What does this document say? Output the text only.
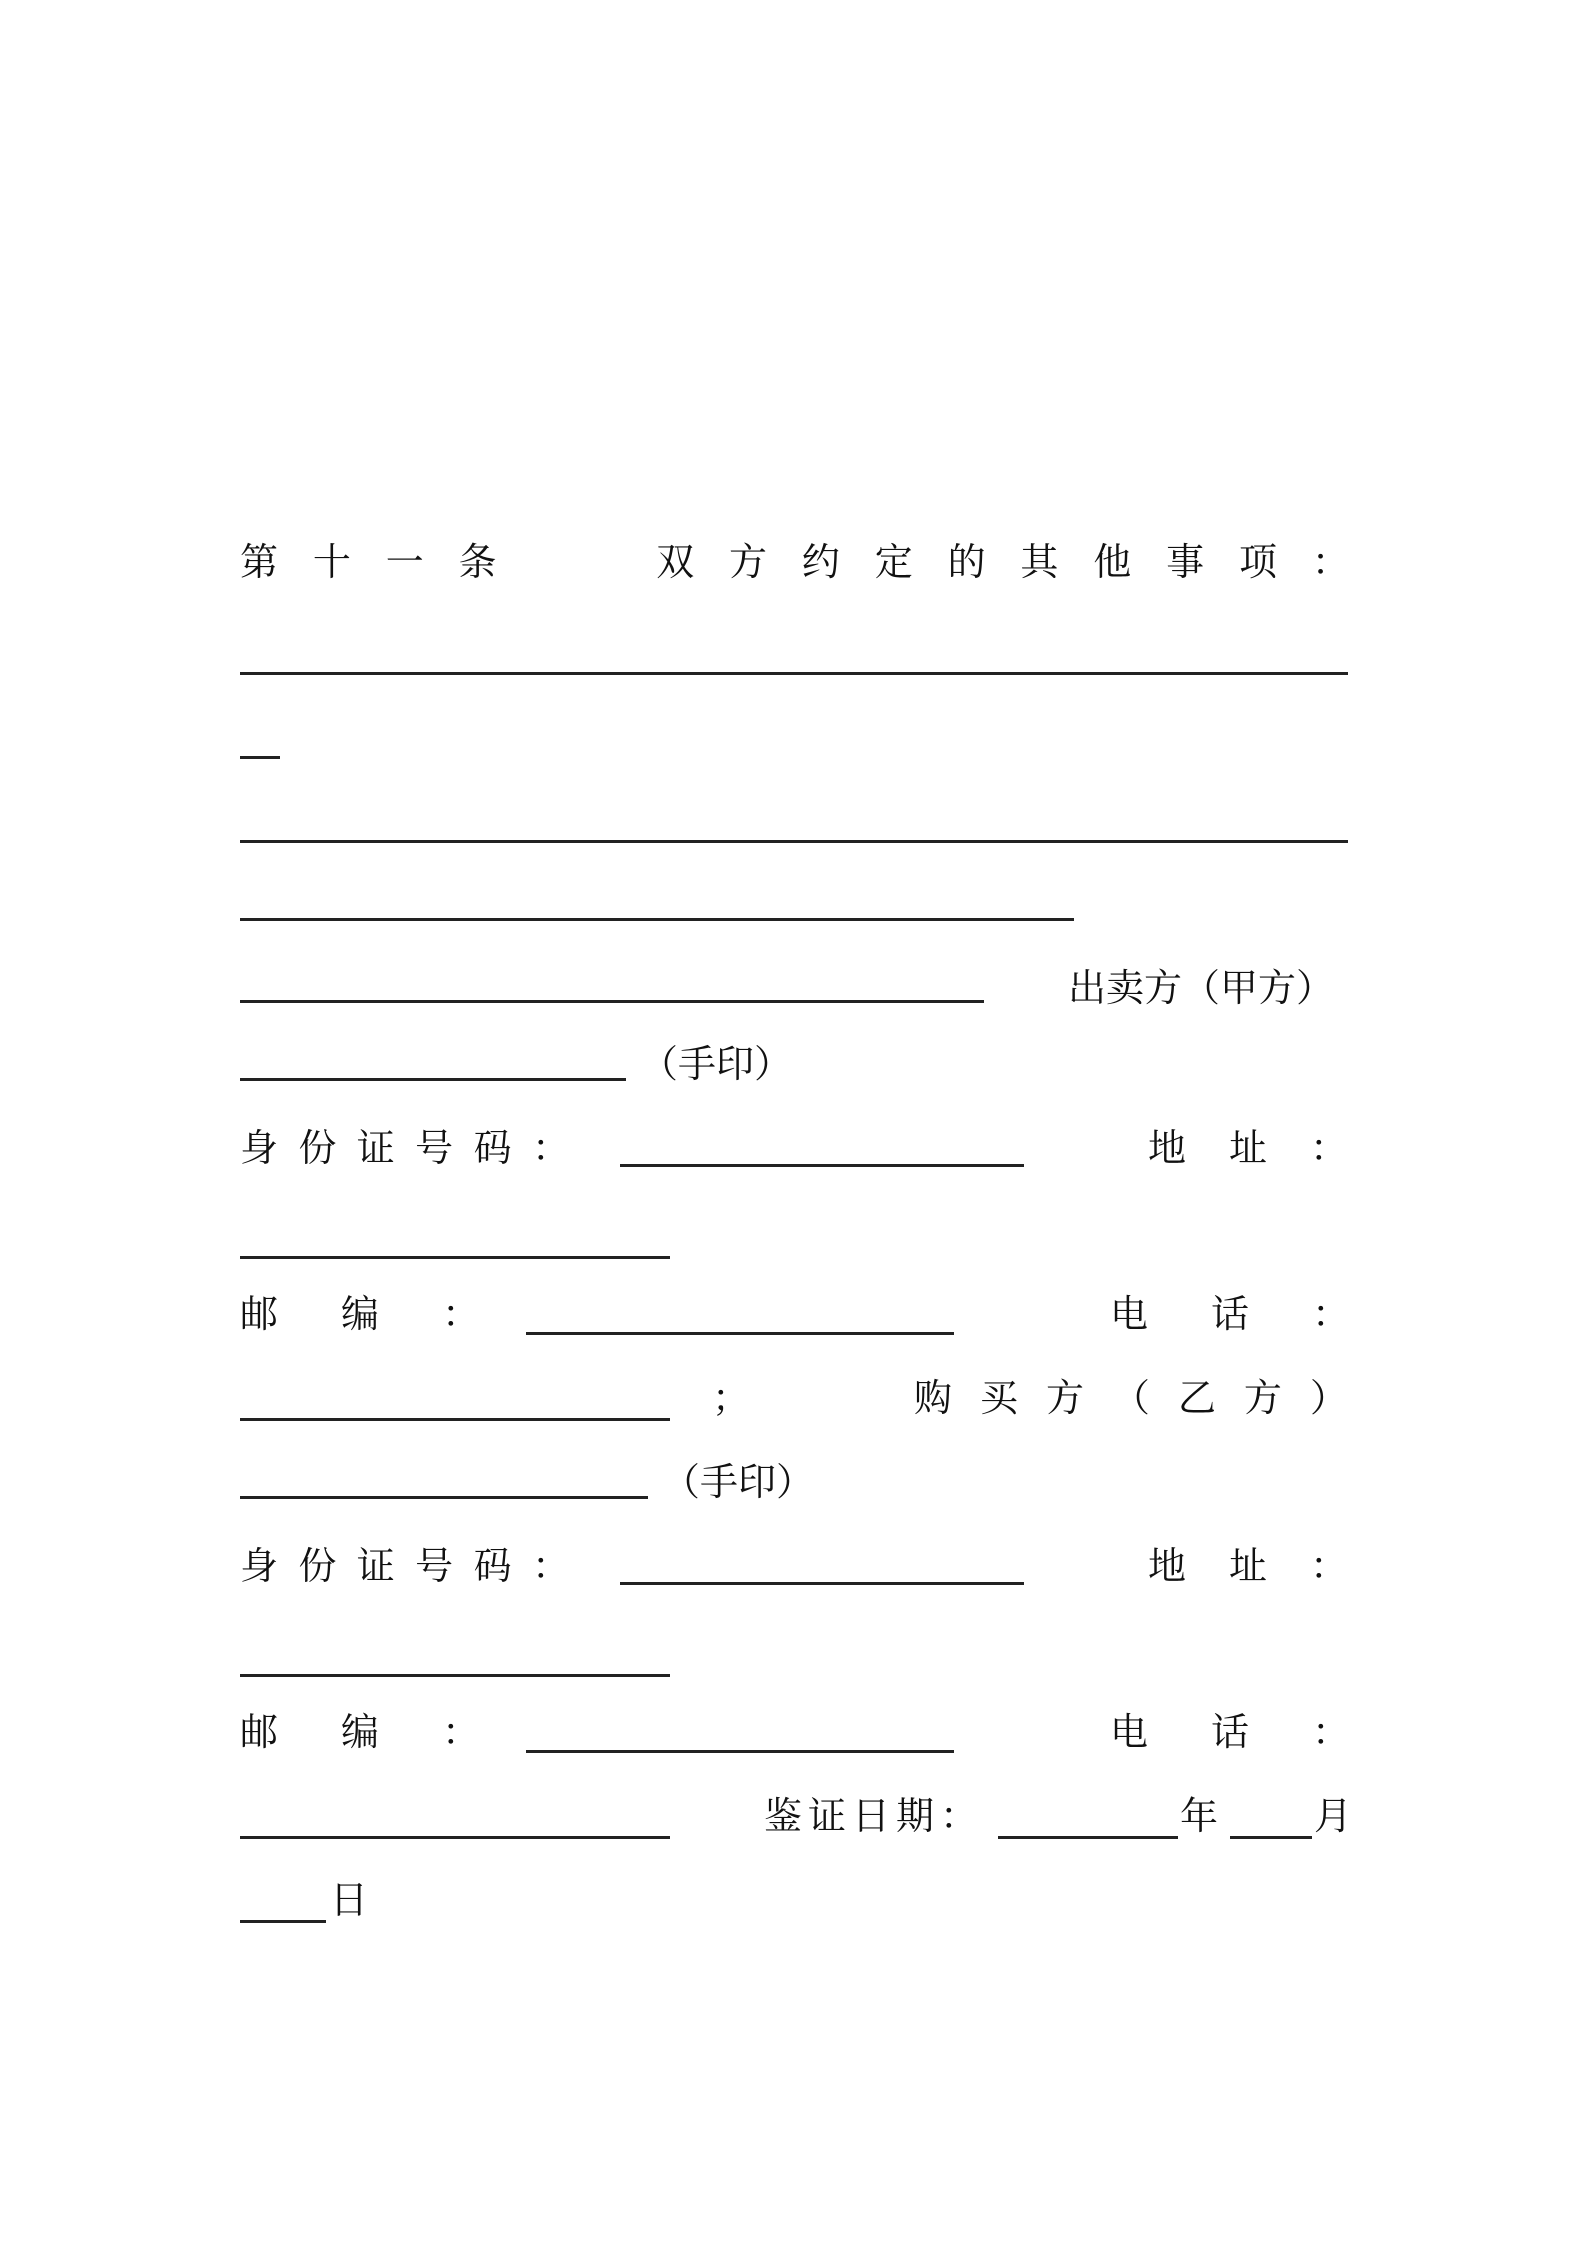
第 十 一 条	双 方 约 定 的 其 他 事 项 ：
出卖方（甲方）
（手印）
身 份 证 号 码 ：	地 址 ：
邮 编 ：	电 话 ：
；	购 买 方 （ 乙 方 ）
（手印）
身 份 证 号 码 ：	地 址 ：
邮 编 ：	电 话 ：
鉴证日期：	年	月
日
